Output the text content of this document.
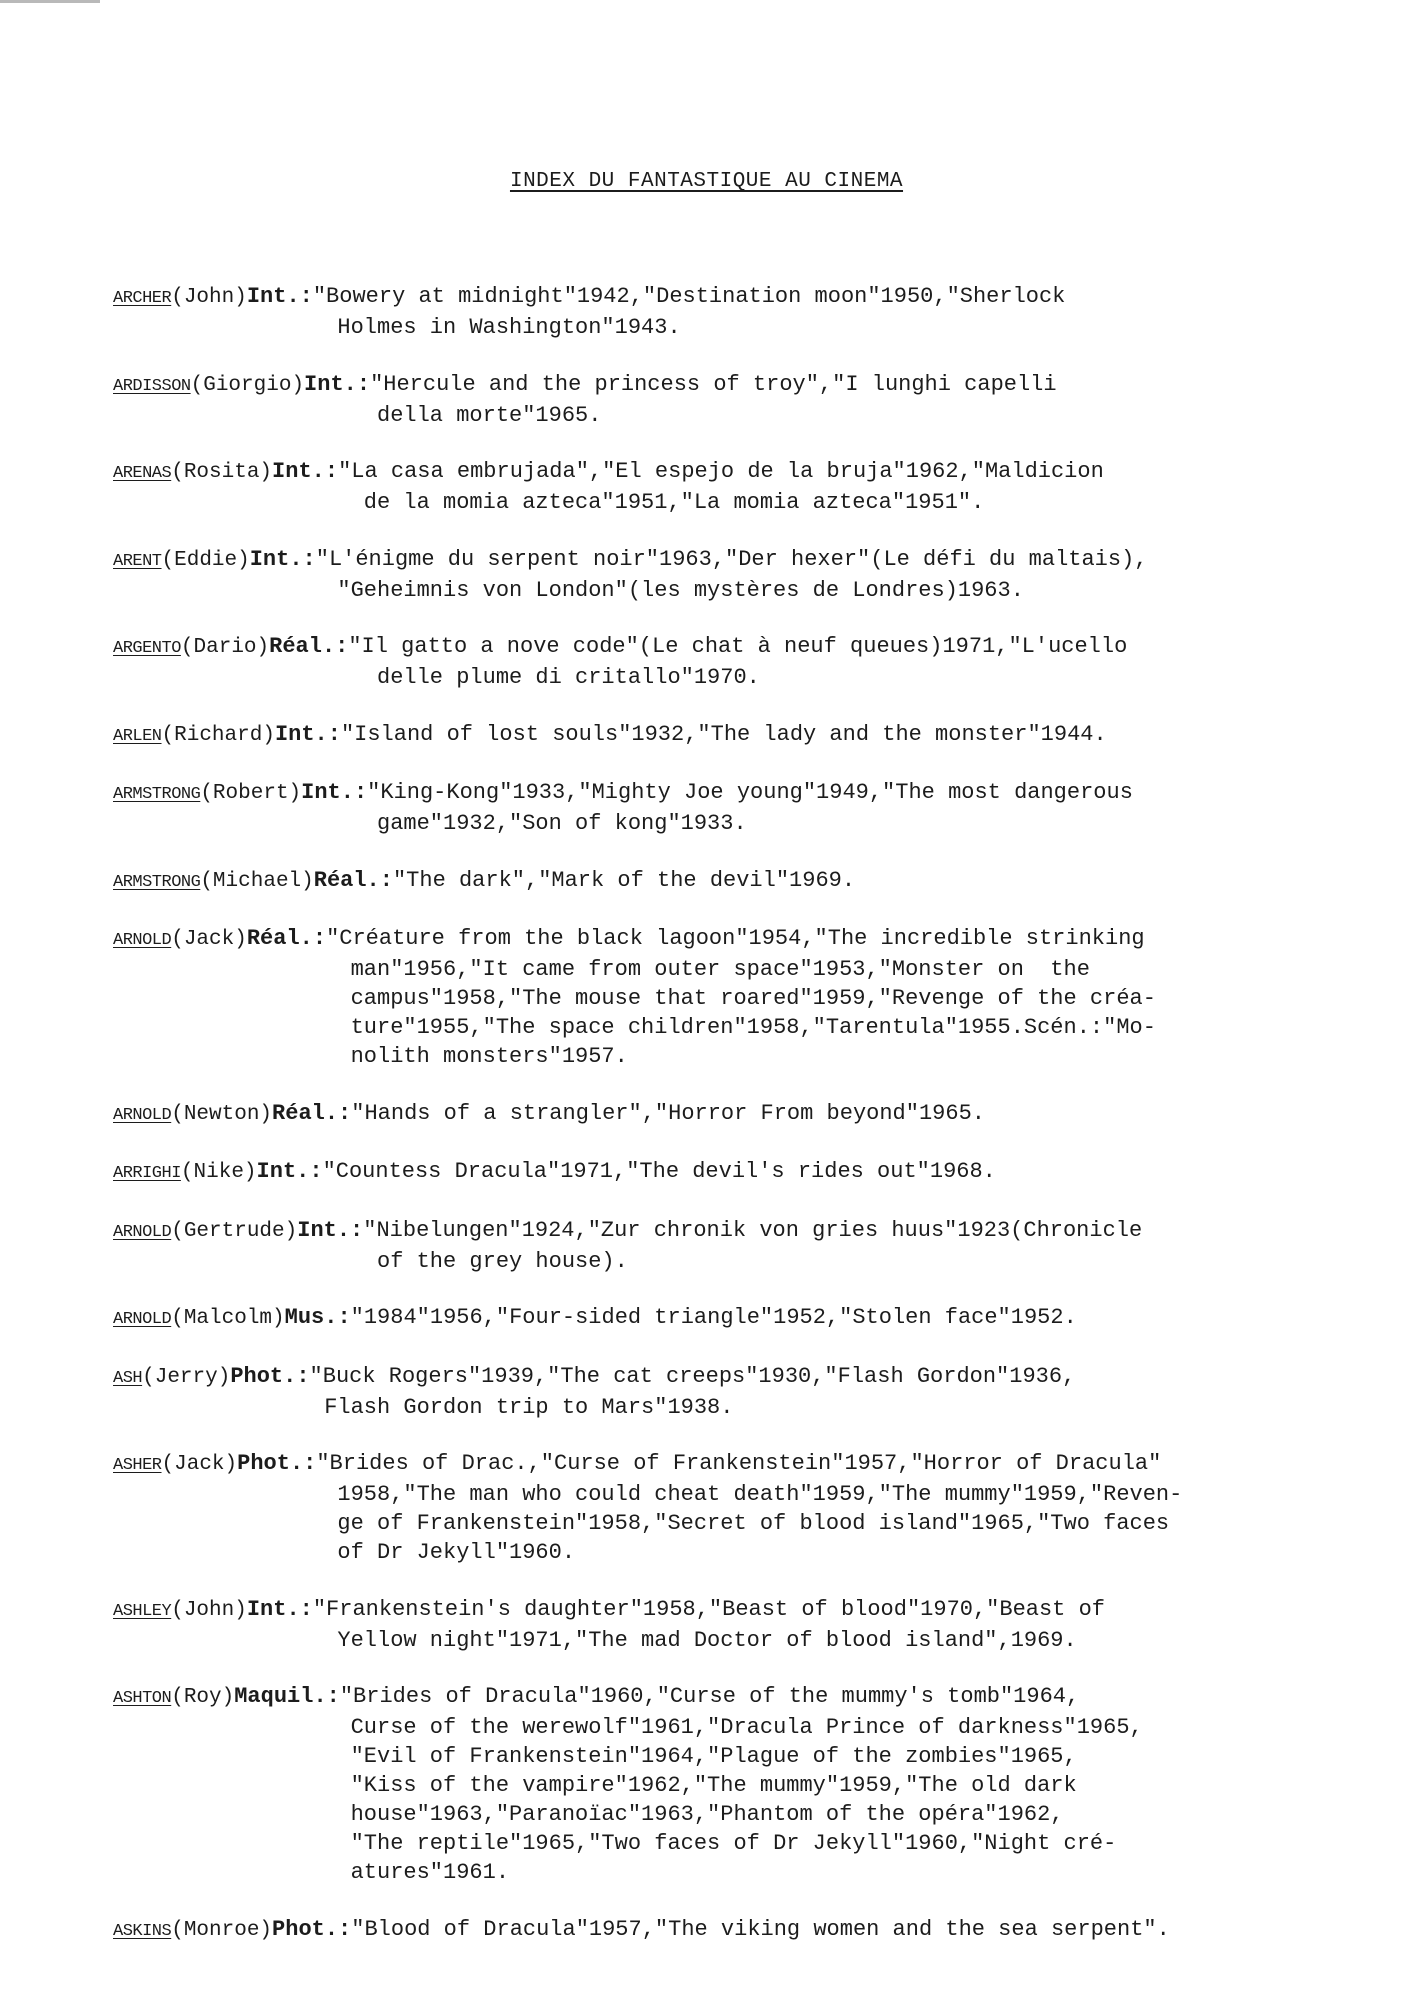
INDEX DU FANTASTIQUE AU CINEMA
ARCHER(John)Int.:"Bowery at midnight"1942,"Destination moon"1950,"Sherlock
Holmes in Washington"1943.
ARDISSON(Giorgio)Int.:"Hercule and the princess of troy","I lunghi capelli
della morte"1965.
ARENAS(Rosita)Int.:"La casa embrujada","El espejo de la bruja"1962,"Maldicion
de la momia azteca"1951,"La momia azteca"1951".
ARENT(Eddie)Int.:"L'énigme du serpent noir"1963,"Der hexer"(Le défi du maltais),
"Geheimnis von London"(les mystères de Londres)1963.
ARGENTO(Dario)Réal.:"Il gatto a nove code"(Le chat à neuf queues)1971,"L'ucello
delle plume di critallo"1970.
ARLEN(Richard)Int.:"Island of lost souls"1932,"The lady and the monster"1944.
ARMSTRONG(Robert)Int.:"King-Kong"1933,"Mighty Joe young"1949,"The most dangerous
game"1932,"Son of kong"1933.
ARMSTRONG(Michael)Réal.:"The dark","Mark of the devil"1969.
ARNOLD(Jack)Réal.:"Créature from the black lagoon"1954,"The incredible strinking
man"1956,"It came from outer space"1953,"Monster on  the
campus"1958,"The mouse that roared"1959,"Revenge of the créa-
ture"1955,"The space children"1958,"Tarentula"1955.Scén.:"Mo-
nolith monsters"1957.
ARNOLD(Newton)Réal.:"Hands of a strangler","Horror From beyond"1965.
ARRIGHI(Nike)Int.:"Countess Dracula"1971,"The devil's rides out"1968.
ARNOLD(Gertrude)Int.:"Nibelungen"1924,"Zur chronik von gries huus"1923(Chronicle
of the grey house).
ARNOLD(Malcolm)Mus.:"1984"1956,"Four-sided triangle"1952,"Stolen face"1952.
ASH(Jerry)Phot.:"Buck Rogers"1939,"The cat creeps"1930,"Flash Gordon"1936,
Flash Gordon trip to Mars"1938.
ASHER(Jack)Phot.:"Brides of Drac.,"Curse of Frankenstein"1957,"Horror of Dracula"
1958,"The man who could cheat death"1959,"The mummy"1959,"Reven-
ge of Frankenstein"1958,"Secret of blood island"1965,"Two faces
of Dr Jekyll"1960.
ASHLEY(John)Int.:"Frankenstein's daughter"1958,"Beast of blood"1970,"Beast of
Yellow night"1971,"The mad Doctor of blood island",1969.
ASHTON(Roy)Maquil.:"Brides of Dracula"1960,"Curse of the mummy's tomb"1964,
Curse of the werewolf"1961,"Dracula Prince of darkness"1965,
"Evil of Frankenstein"1964,"Plague of the zombies"1965,
"Kiss of the vampire"1962,"The mummy"1959,"The old dark
house"1963,"Paranoïac"1963,"Phantom of the opéra"1962,
"The reptile"1965,"Two faces of Dr Jekyll"1960,"Night cré-
atures"1961.
ASKINS(Monroe)Phot.:"Blood of Dracula"1957,"The viking women and the sea serpent".
